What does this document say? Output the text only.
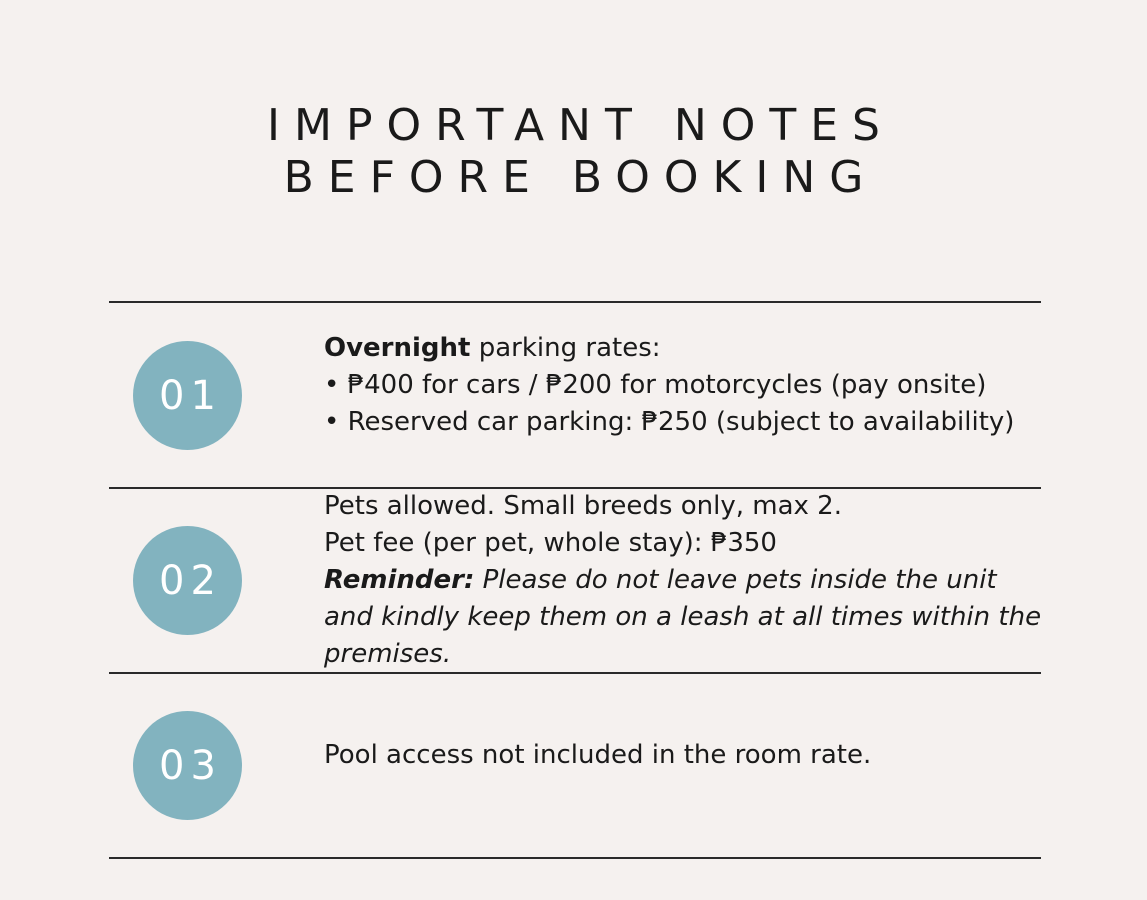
IMPORTANT NOTES
BEFORE BOOKING
01
Overnight parking rates:
• ₱400 for cars / ₱200 for motorcycles (pay onsite)
• Reserved car parking: ₱250 (subject to availability)
02
Pets allowed. Small breeds only, max 2.
Pet fee (per pet, whole stay): ₱350
Reminder: Please do not leave pets inside the unit
and kindly keep them on a leash at all times within the
premises.
03	Pool access not included in the room rate.
